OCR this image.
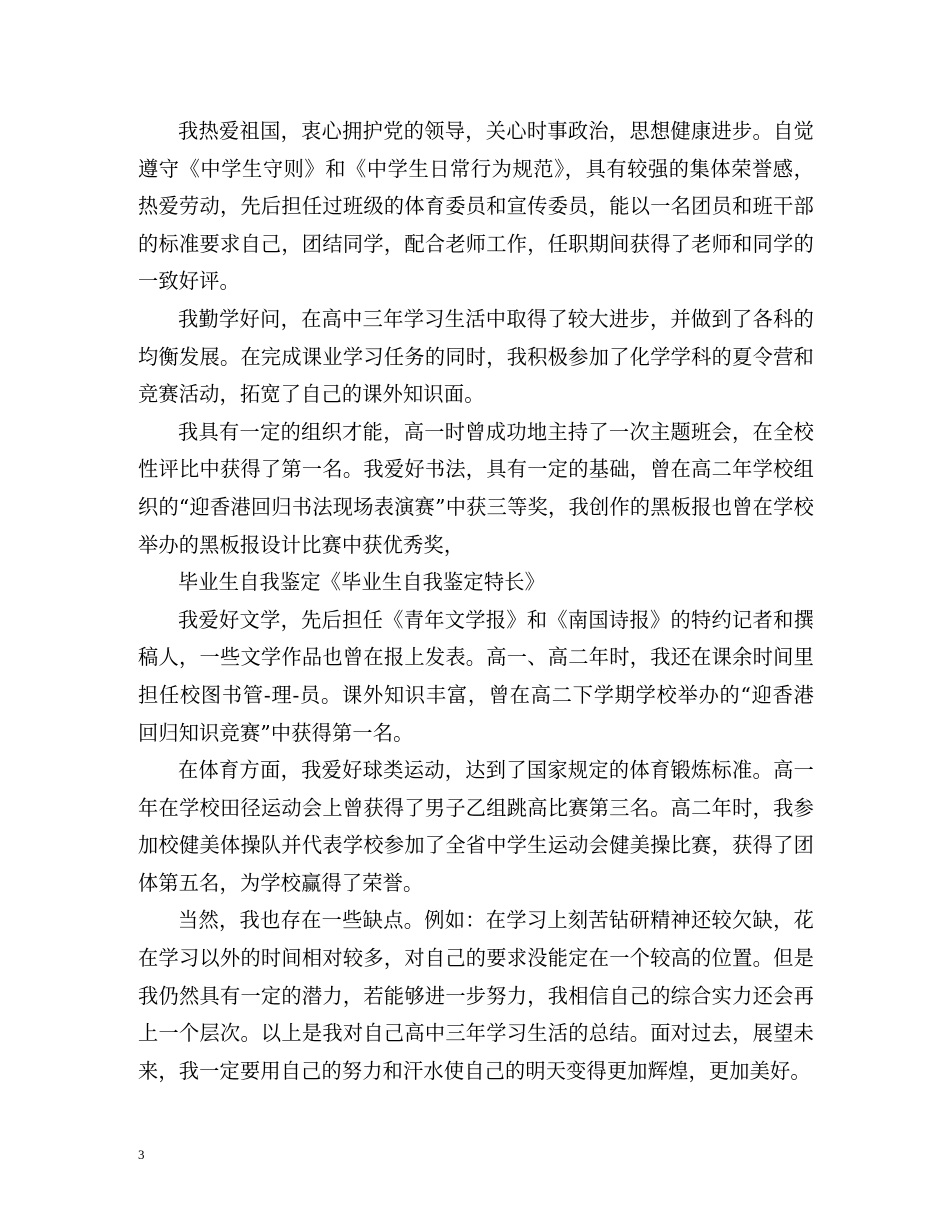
我热爱祖国，衷心拥护党的领导，关心时事政治，思想健康进步。自觉遵守《中学生守则》和《中学生日常行为规范》，具有较强的集体荣誉感，热爱劳动，先后担任过班级的体育委员和宣传委员，能以一名团员和班干部的标准要求自己，团结同学，配合老师工作，任职期间获得了老师和同学的一致好评。

我勤学好问，在高中三年学习生活中取得了较大进步，并做到了各科的均衡发展。在完成课业学习任务的同时，我积极参加了化学学科的夏令营和竞赛活动，拓宽了自己的课外知识面。

我具有一定的组织才能，高一时曾成功地主持了一次主题班会，在全校性评比中获得了第一名。我爱好书法，具有一定的基础，曾在高二年学校组织的“迎香港回归书法现场表演赛”中获三等奖，我创作的黑板报也曾在学校举办的黑板报设计比赛中获优秀奖，

毕业生自我鉴定《毕业生自我鉴定特长》

我爱好文学，先后担任《青年文学报》和《南国诗报》的特约记者和撰稿人，一些文学作品也曾在报上发表。高一、高二年时，我还在课余时间里担任校图书管-理-员。课外知识丰富，曾在高二下学期学校举办的“迎香港回归知识竞赛”中获得第一名。

在体育方面，我爱好球类运动，达到了国家规定的体育锻炼标准。高一年在学校田径运动会上曾获得了男子乙组跳高比赛第三名。高二年时，我参加校健美体操队并代表学校参加了全省中学生运动会健美操比赛，获得了团体第五名，为学校赢得了荣誉。

当然，我也存在一些缺点。例如：在学习上刻苦钻研精神还较欠缺，花在学习以外的时间相对较多，对自己的要求没能定在一个较高的位置。但是我仍然具有一定的潜力，若能够进一步努力，我相信自己的综合实力还会再上一个层次。以上是我对自己高中三年学习生活的总结。面对过去，展望未来，我一定要用自己的努力和汗水使自己的明天变得更加辉煌，更加美好。

3
